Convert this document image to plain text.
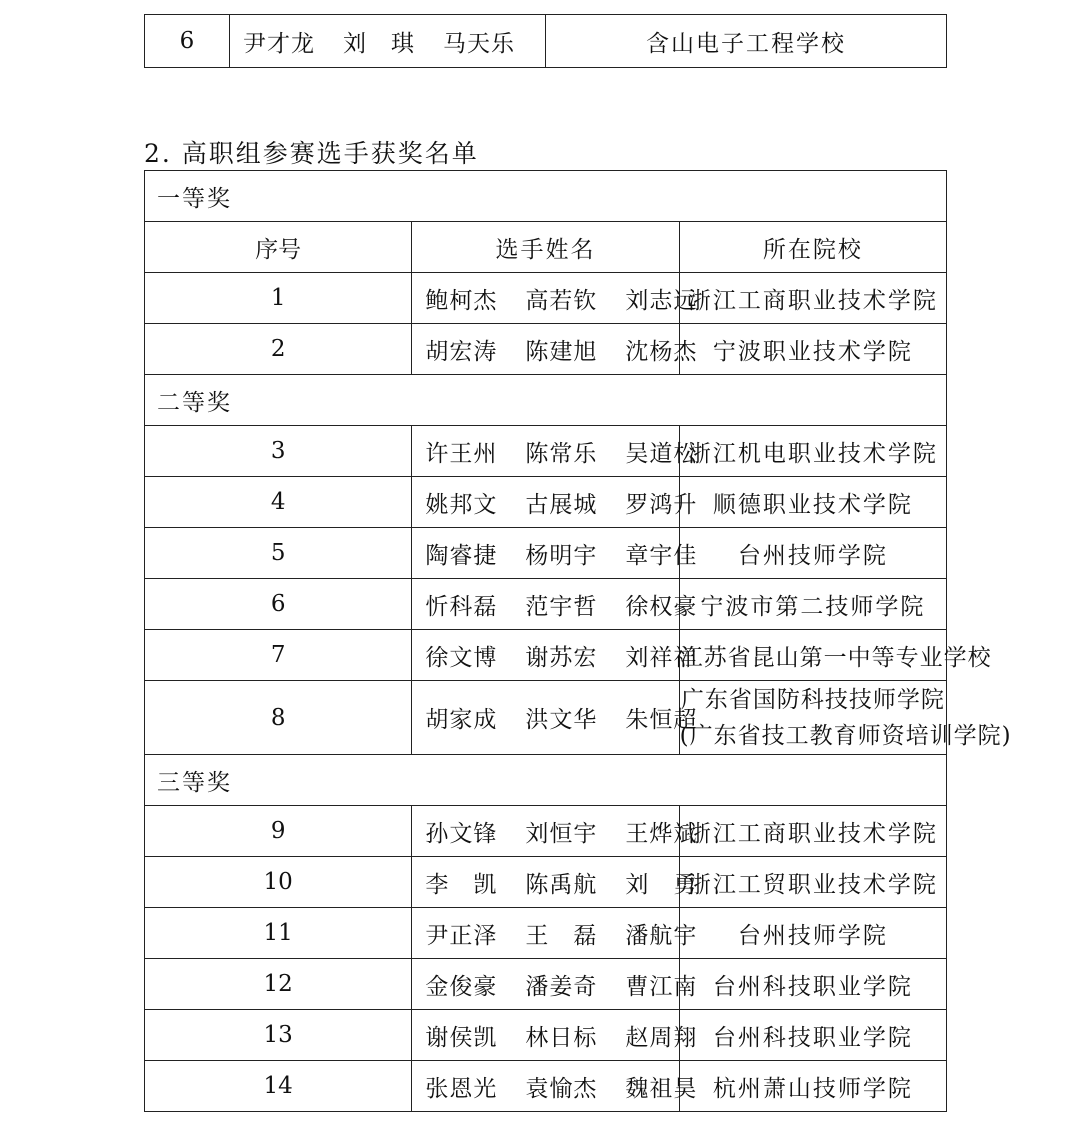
6	尹才龙 刘　琪 马天乐	含山电子工程学校
2. 高职组参赛选手获奖名单
一等奖		
序号	选手姓名	所在院校
1	鲍柯杰 高若钦 刘志远	浙江工商职业技术学院
2	胡宏涛 陈建旭 沈杨杰	宁波职业技术学院
二等奖		
3	许王州 陈常乐 吴道松	浙江机电职业技术学院
4	姚邦文 古展城 罗鸿升	顺德职业技术学院
5	陶睿捷 杨明宇 章宇佳	台州技师学院
6	忻科磊 范宇哲 徐权豪	宁波市第二技师学院
7	徐文博 谢苏宏 刘祥祥	江苏省昆山第一中等专业学校
8	胡家成 洪文华 朱恒超	广东省国防科技技师学院
(广东省技工教育师资培训学院)

三等奖		
9	孙文锋 刘恒宇 王烨斌	浙江工商职业技术学院
10	李　凯 陈禹航 刘　勇	浙江工贸职业技术学院
11	尹正泽 王　磊 潘航宇	台州技师学院
12	金俊豪 潘姜奇 曹江南	台州科技职业学院
13	谢侯凯 林日标 赵周翔	台州科技职业学院
14	张恩光 袁愉杰 魏祖昊	杭州萧山技师学院
